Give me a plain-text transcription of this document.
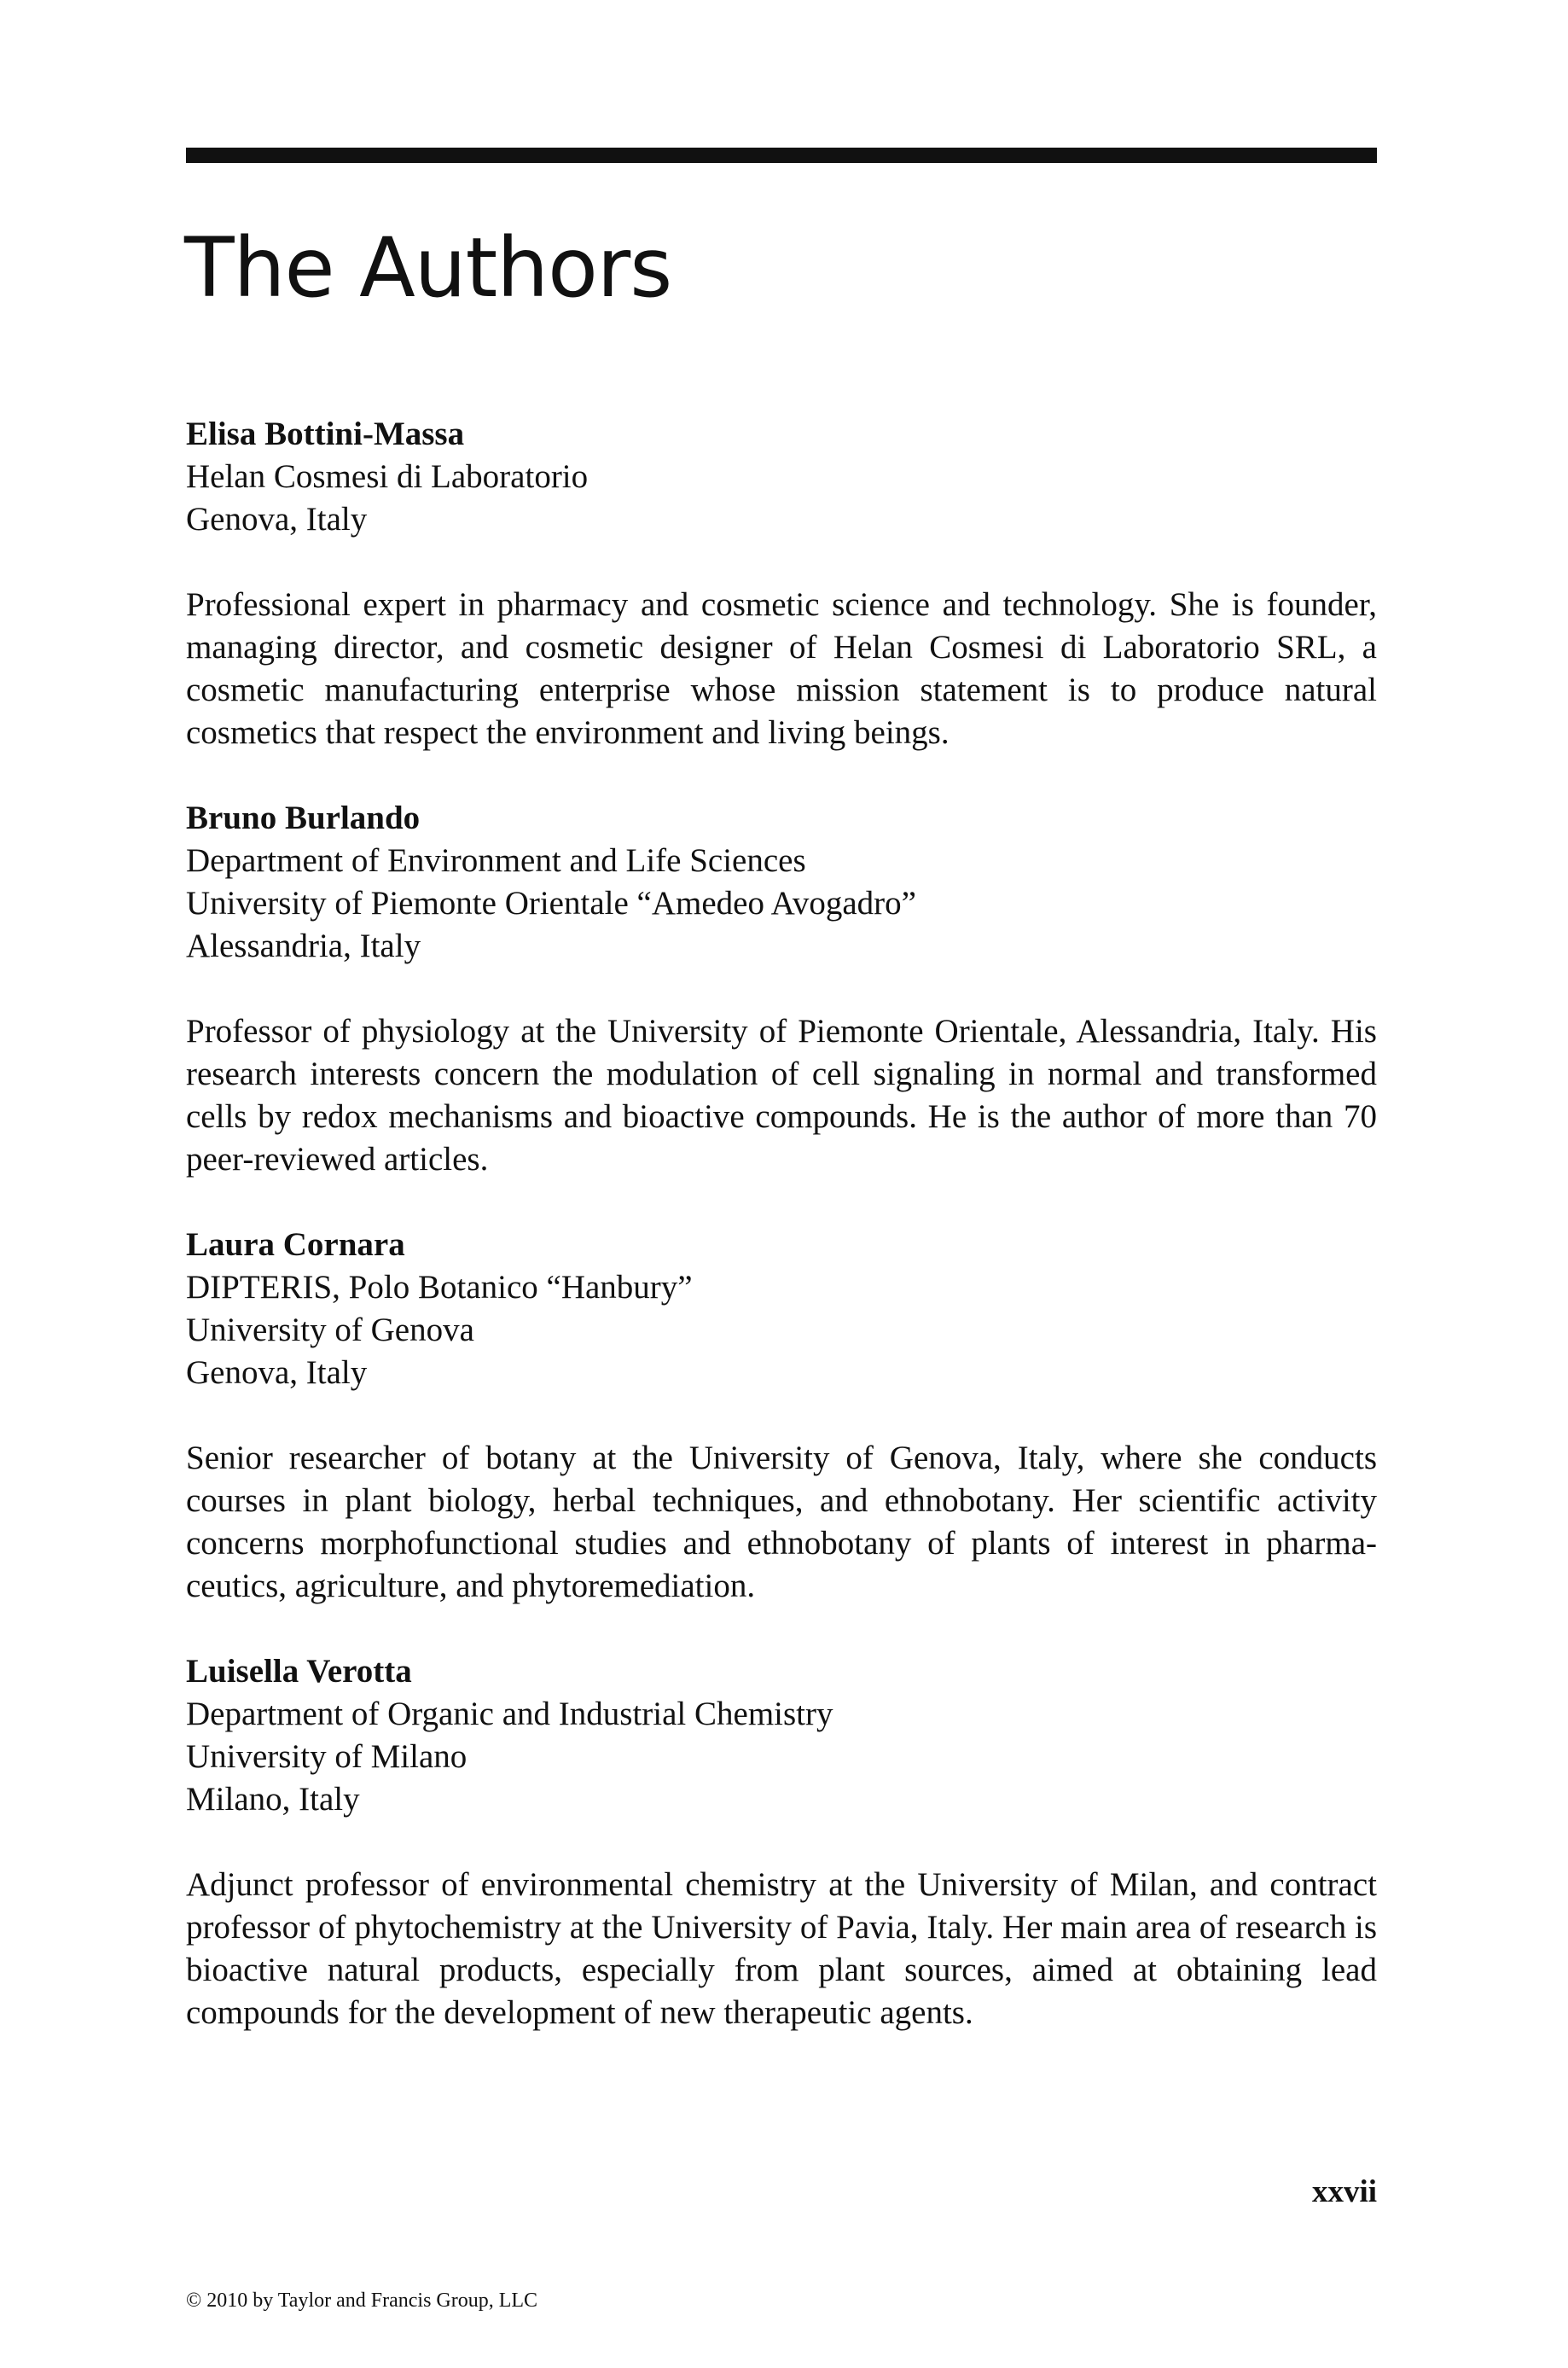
The Authors

Elisa Bottini-Massa

Helan Cosmesi di Laboratorio

Genova, Italy

Professional expert in pharmacy and cosmetic science and technology. She is founder, managing director, and cosmetic designer of Helan Cosmesi di Laboratorio SRL, a cosmetic manufacturing enterprise whose mission statement is to produce natural cosmetics that respect the environment and living beings.

Bruno Burlando

Department of Environment and Life Sciences

University of Piemonte Orientale “Amedeo Avogadro”

Alessandria, Italy

Professor of physiology at the University of Piemonte Orientale, Alessandria, Italy. His research interests concern the modulation of cell signaling in normal and transformed cells by redox mechanisms and bioactive compounds. He is the author of more than 70 peer-reviewed articles.

Laura Cornara

DIPTERIS, Polo Botanico “Hanbury”

University of Genova

Genova, Italy

Senior researcher of botany at the University of Genova, Italy, where she conducts courses in plant biology, herbal techniques, and ethnobotany. Her scientific activity concerns morphofunctional studies and ethnobotany of plants of interest in pharmaceutics, agriculture, and phytoremediation.

Luisella Verotta

Department of Organic and Industrial Chemistry

University of Milano

Milano, Italy

Adjunct professor of environmental chemistry at the University of Milan, and contract professor of phytochemistry at the University of Pavia, Italy. Her main area of research is bioactive natural products, especially from plant sources, aimed at obtaining lead compounds for the development of new therapeutic agents.

xxvii
© 2010 by Taylor and Francis Group, LLC
